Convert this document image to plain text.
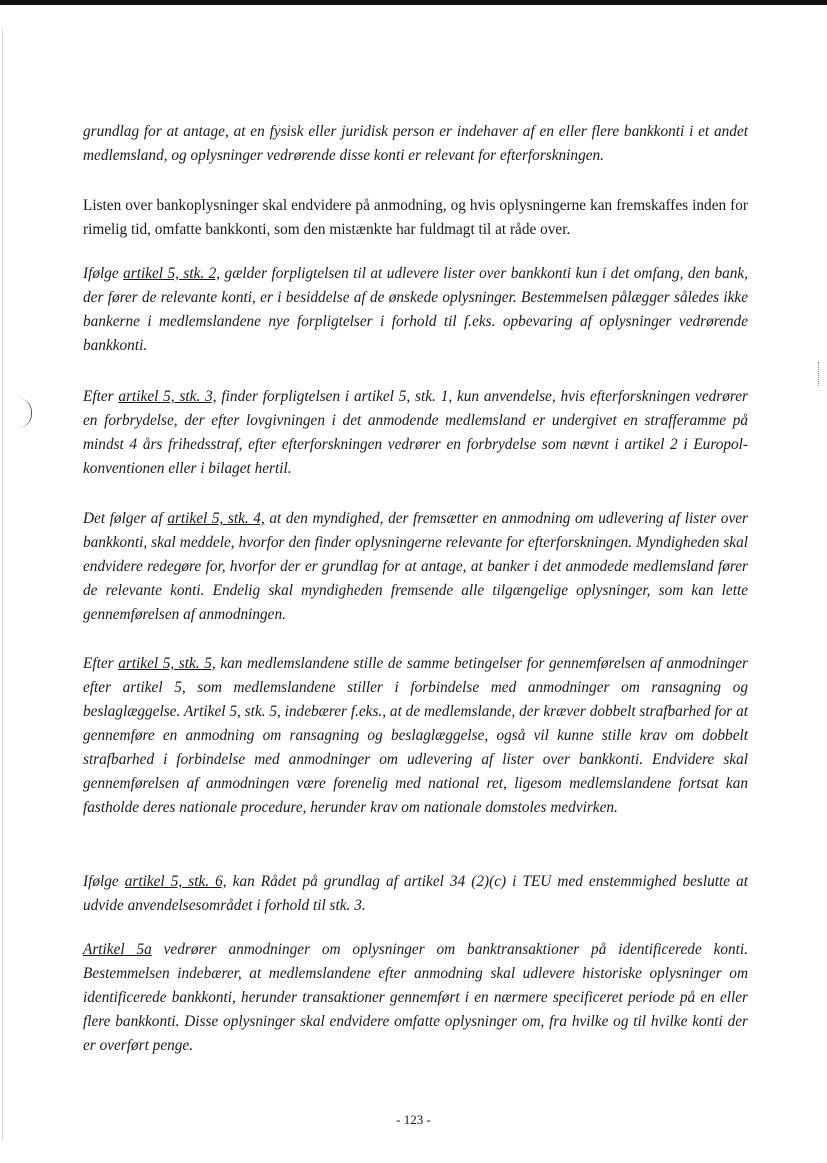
grundlag for at antage, at en fysisk eller juridisk person er indehaver af en eller flere bankkonti i et andet medlemsland, og oplysninger vedrørende disse konti er relevant for efterforskningen.

Listen over bankoplysninger skal endvidere på anmodning, og hvis oplysningerne kan fremskaffes inden for rimelig tid, omfatte bankkonti, som den mistænkte har fuldmagt til at råde over.

Ifølge artikel 5, stk. 2, gælder forpligtelsen til at udlevere lister over bankkonti kun i det omfang, den bank, der fører de relevante konti, er i besiddelse af de ønskede oplysninger. Bestemmelsen pålægger således ikke bankerne i medlemslandene nye forpligtelser i forhold til f.eks. opbevaring af oplysninger vedrørende bankkonti.

Efter artikel 5, stk. 3, finder forpligtelsen i artikel 5, stk. 1, kun anvendelse, hvis efterforskningen vedrører en forbrydelse, der efter lovgivningen i det anmodende medlemsland er undergivet en strafferamme på mindst 4 års frihedsstraf, efter efterforskningen vedrører en forbrydelse som nævnt i artikel 2 i Europol-konventionen eller i bilaget hertil.

Det følger af artikel 5, stk. 4, at den myndighed, der fremsætter en anmodning om udlevering af lister over bankkonti, skal meddele, hvorfor den finder oplysningerne relevante for efterforskningen. Myndigheden skal endvidere redegøre for, hvorfor der er grundlag for at antage, at banker i det anmodede medlemsland fører de relevante konti. Endelig skal myndigheden fremsende alle tilgængelige oplysninger, som kan lette gennemførelsen af anmodningen.

Efter artikel 5, stk. 5, kan medlemslandene stille de samme betingelser for gennemførelsen af anmodninger efter artikel 5, som medlemslandene stiller i forbindelse med anmodninger om ransagning og beslaglæggelse. Artikel 5, stk. 5, indebærer f.eks., at de medlemslande, der kræver dobbelt strafbarhed for at gennemføre en anmodning om ransagning og beslaglæggelse, også vil kunne stille krav om dobbelt strafbarhed i forbindelse med anmodninger om udlevering af lister over bankkonti. Endvidere skal gennemførelsen af anmodningen være forenelig med national ret, ligesom medlemslandene fortsat kan fastholde deres nationale procedure, herunder krav om nationale domstoles medvirken.

Ifølge artikel 5, stk. 6, kan Rådet på grundlag af artikel 34 (2)(c) i TEU med enstemmighed beslutte at udvide anvendelsesområdet i forhold til stk. 3.

Artikel 5a vedrører anmodninger om oplysninger om banktransaktioner på identificerede konti. Bestemmelsen indebærer, at medlemslandene efter anmodning skal udlevere historiske oplysninger om identificerede bankkonti, herunder transaktioner gennemført i en nærmere specificeret periode på en eller flere bankkonti. Disse oplysninger skal endvidere omfatte oplysninger om, fra hvilke og til hvilke konti der er overført penge.

- 123 -
